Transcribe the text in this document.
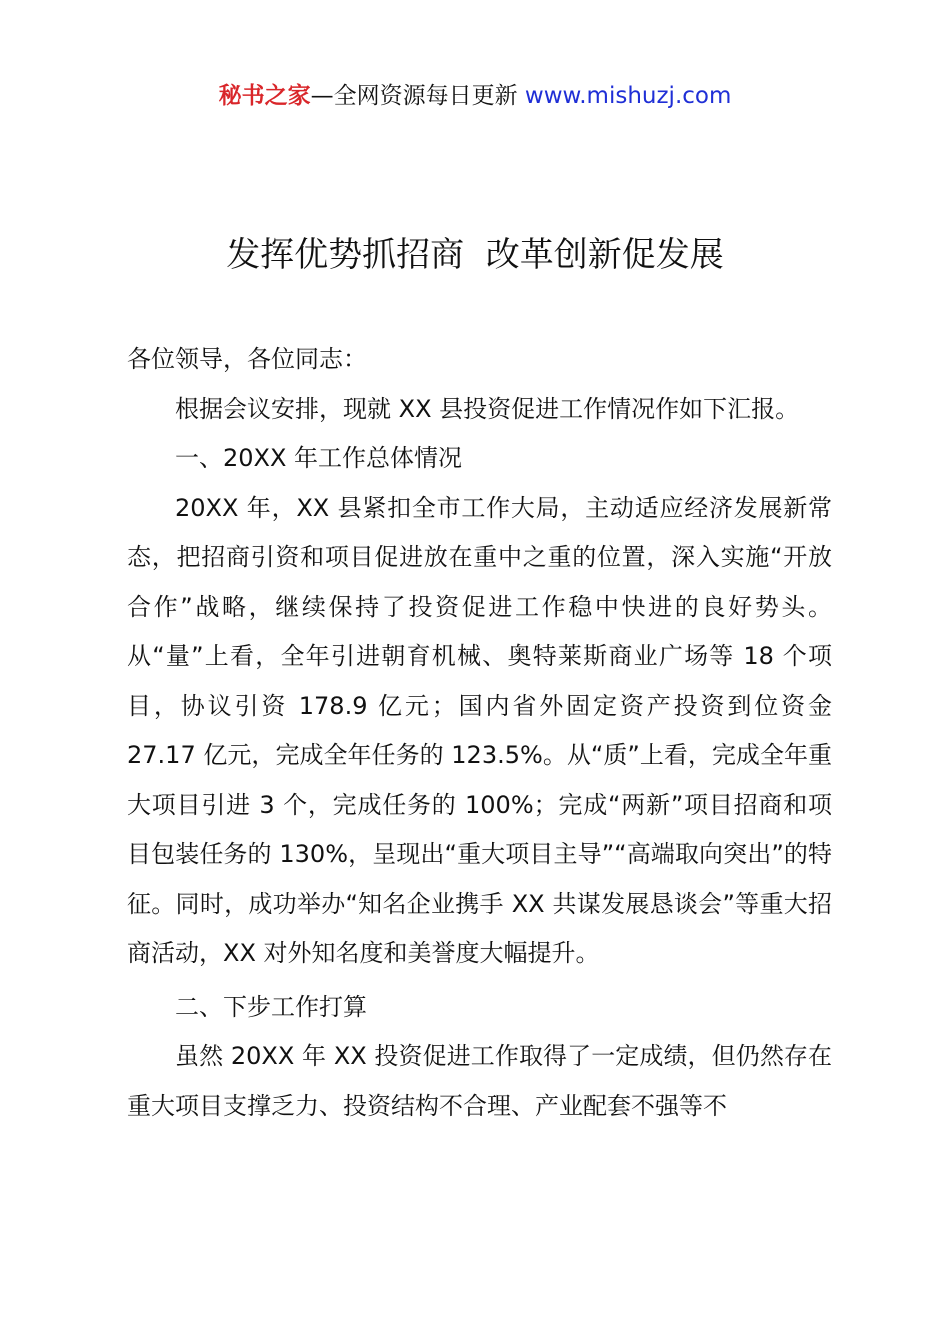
秘书之家—全网资源每日更新 www.mishuzj.com
发挥优势抓招商  改革创新促发展

各位领导，各位同志：

根据会议安排，现就 XX 县投资促进工作情况作如下汇报。

一、20XX 年工作总体情况

20XX 年，XX 县紧扣全市工作大局，主动适应经济发展新常态，把招商引资和项目促进放在重中之重的位置，深入实施“开放合作”战略，继续保持了投资促进工作稳中快进的良好势头。从“量”上看，全年引进朝育机械、奥特莱斯商业广场等 18 个项目，协议引资 178.9 亿元；国内省外固定资产投资到位资金 27.17 亿元，完成全年任务的 123.5%。从“质”上看，完成全年重大项目引进 3 个，完成任务的 100%；完成“两新”项目招商和项目包装任务的 130%，呈现出“重大项目主导”“高端取向突出”的特征。同时，成功举办“知名企业携手 XX 共谋发展恳谈会”等重大招商活动，XX 对外知名度和美誉度大幅提升。

二、下步工作打算

虽然 20XX 年 XX 投资促进工作取得了一定成绩，但仍然存在重大项目支撑乏力、投资结构不合理、产业配套不强等不
